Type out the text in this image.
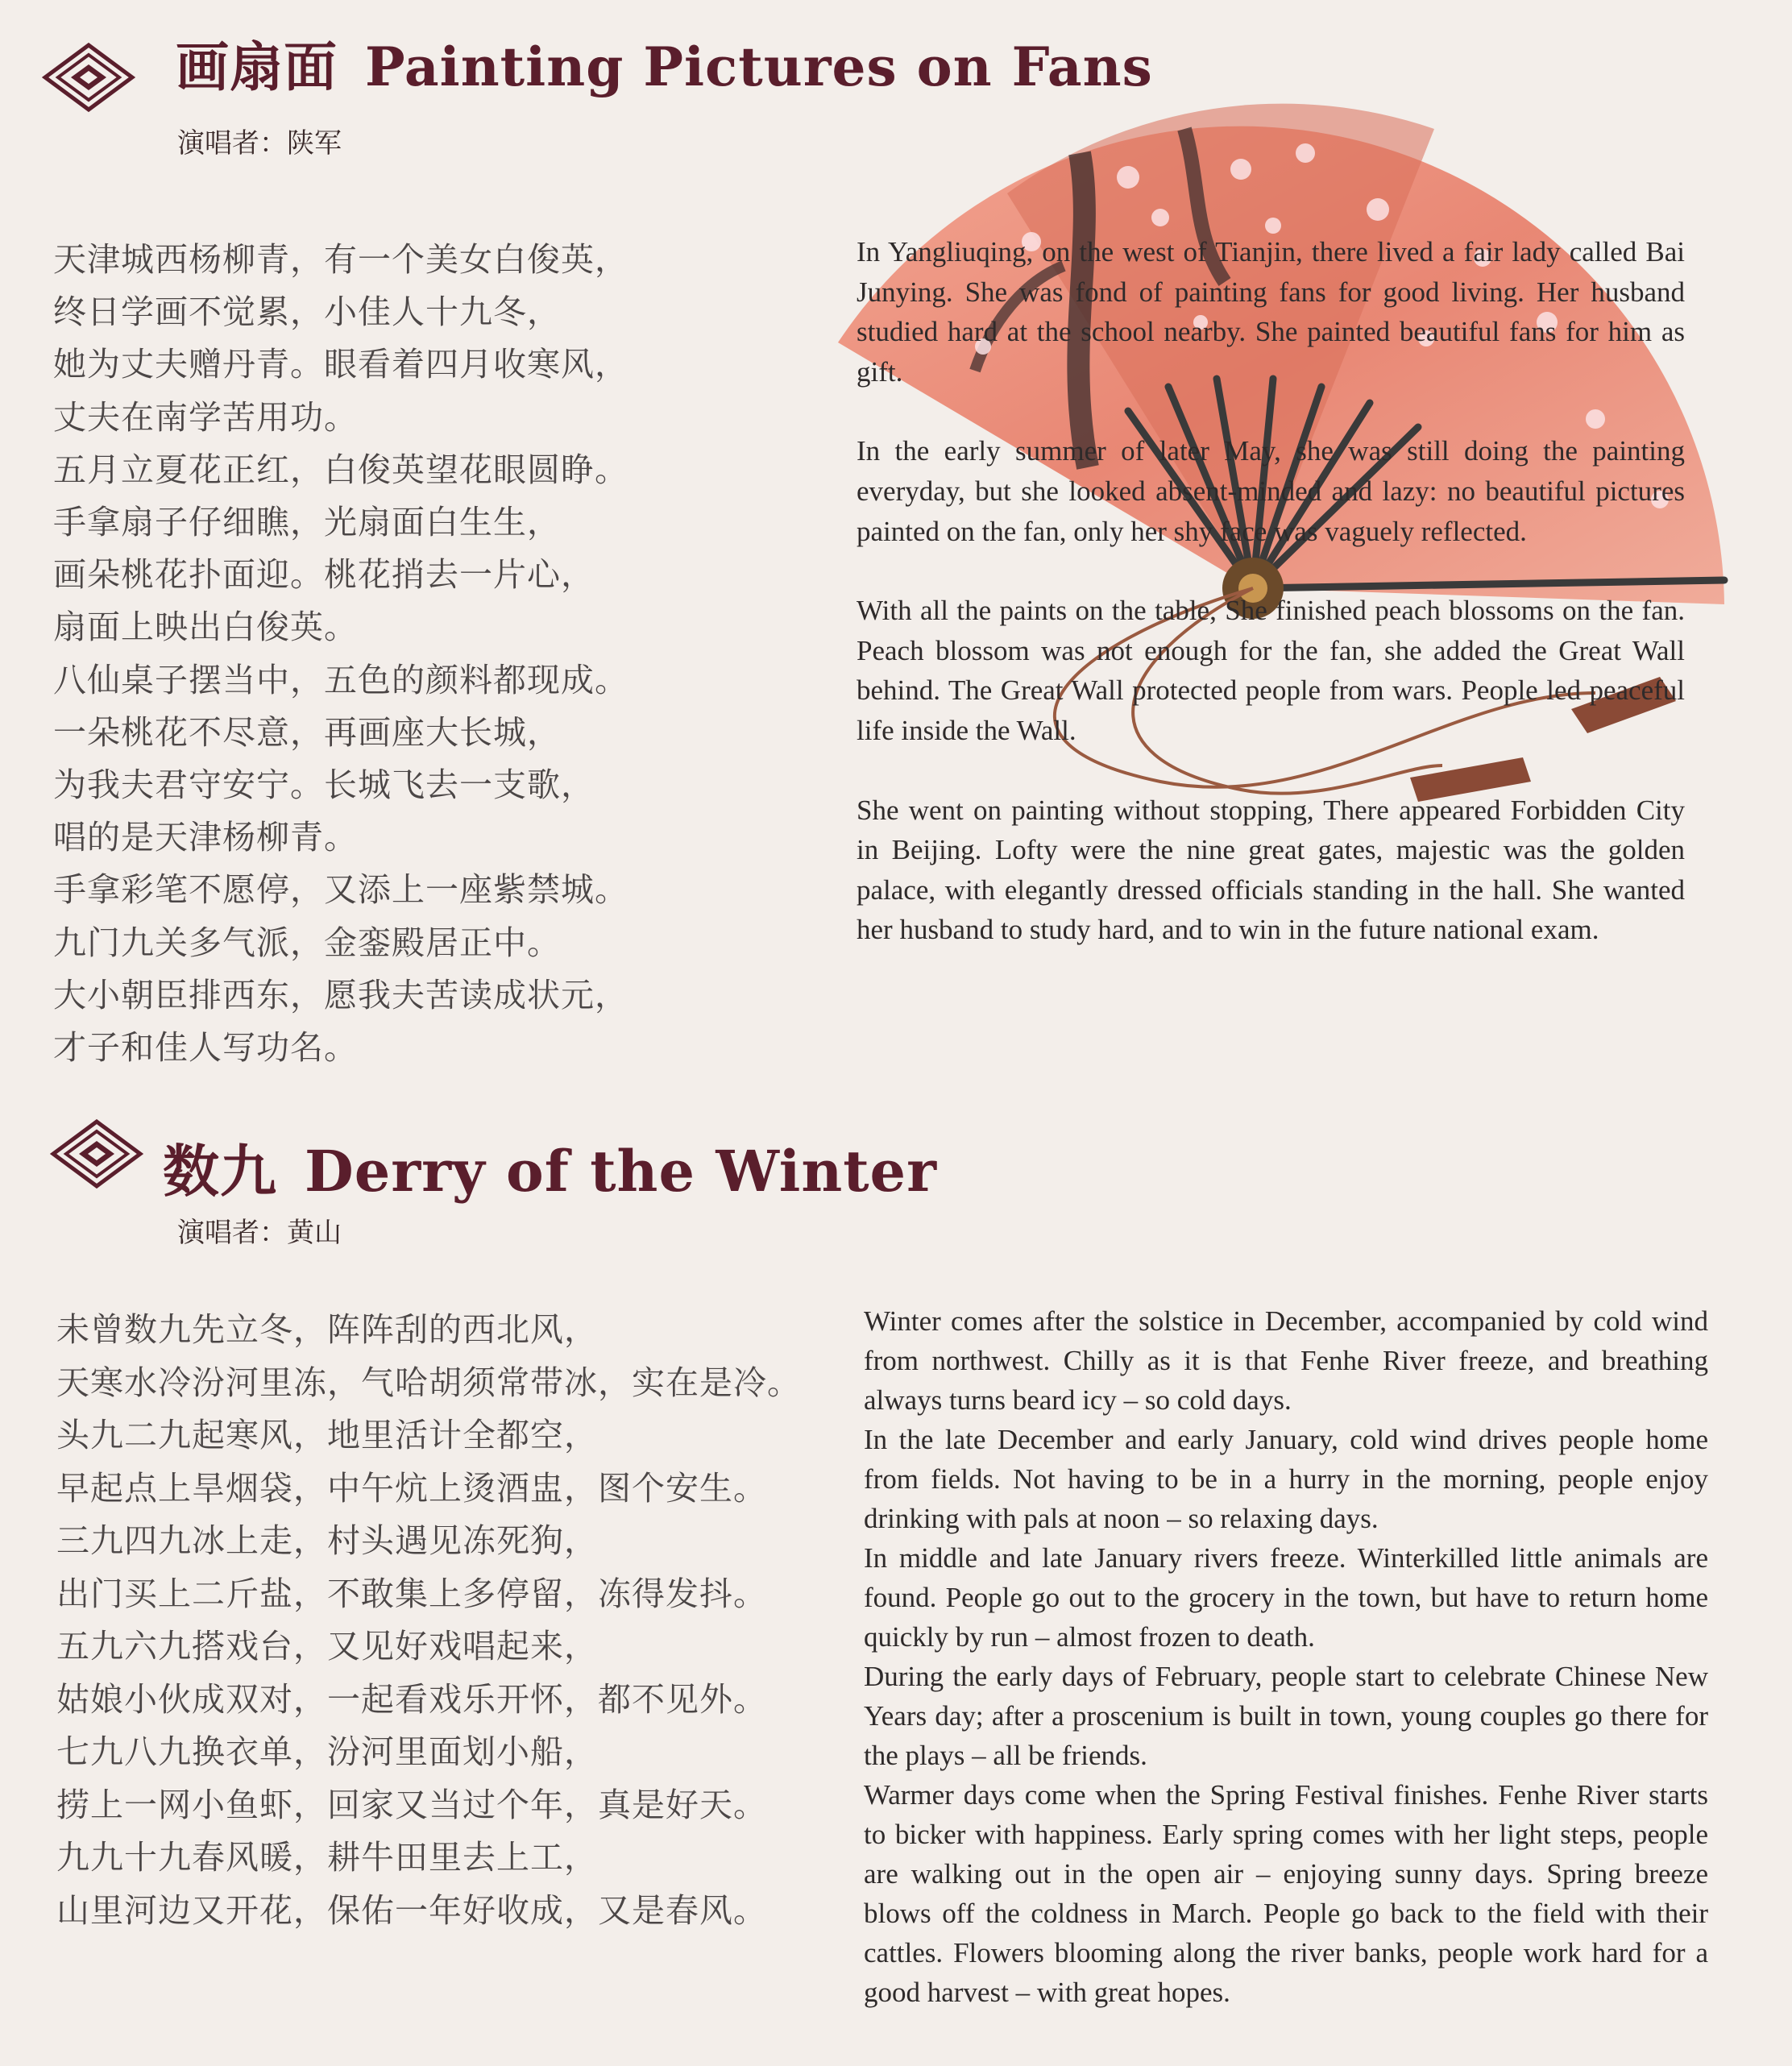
画扇面 Painting Pictures on Fans

演唱者：陕军

天津城西杨柳青，有一个美女白俊英，
终日学画不觉累，小佳人十九冬，
她为丈夫赠丹青。眼看着四月收寒风，
丈夫在南学苦用功。
五月立夏花正红，白俊英望花眼圆睁。
手拿扇子仔细瞧，光扇面白生生，
画朵桃花扑面迎。桃花捎去一片心，
扇面上映出白俊英。
八仙桌子摆当中，五色的颜料都现成。
一朵桃花不尽意，再画座大长城，
为我夫君守安宁。长城飞去一支歌，
唱的是天津杨柳青。
手拿彩笔不愿停，又添上一座紫禁城。
九门九关多气派，金銮殿居正中。
大小朝臣排西东，愿我夫苦读成状元，
才子和佳人写功名。

In Yangliuqing, on the west of Tianjin, there lived a fair lady called Bai Junying. She was fond of painting fans for good living. Her husband studied hard at the school nearby. She painted beautiful fans for him as gift.

In the early summer of later May, she was still doing the painting everyday, but she looked absent-minded and lazy: no beautiful pictures painted on the fan, only her shy face was vaguely reflected.

With all the paints on the table, She finished peach blossoms on the fan. Peach blossom was not enough for the fan, she added the Great Wall behind. The Great Wall protected people from wars. People led peaceful life inside the Wall.

She went on painting without stopping, There appeared Forbidden City in Beijing. Lofty were the nine great gates, majestic was the golden palace, with elegantly dressed officials standing in the hall. She wanted her husband to study hard, and to win in the future national exam.

数九 Derry of the Winter

演唱者：黄山

未曾数九先立冬，阵阵刮的西北风，
天寒水冷汾河里冻，气哈胡须常带冰，实在是冷。
头九二九起寒风，地里活计全都空，
早起点上旱烟袋，中午炕上烫酒盅，图个安生。
三九四九冰上走，村头遇见冻死狗，
出门买上二斤盐，不敢集上多停留，冻得发抖。
五九六九搭戏台，又见好戏唱起来，
姑娘小伙成双对，一起看戏乐开怀，都不见外。
七九八九换衣单，汾河里面划小船，
捞上一网小鱼虾，回家又当过个年，真是好天。
九九十九春风暖，耕牛田里去上工，
山里河边又开花，保佑一年好收成，又是春风。

Winter comes after the solstice in December, accompanied by cold wind from northwest. Chilly as it is that Fenhe River freeze, and breathing always turns beard icy – so cold days.

In the late December and early January, cold wind drives people home from fields. Not having to be in a hurry in the morning, people enjoy drinking with pals at noon – so relaxing days.

In middle and late January rivers freeze. Winterkilled little animals are found. People go out to the grocery in the town, but have to return home quickly by run – almost frozen to death.

During the early days of February, people start to celebrate Chinese New Years day; after a proscenium is built in town, young couples go there for the plays – all be friends.

Warmer days come when the Spring Festival finishes. Fenhe River starts to bicker with happiness. Early spring comes with her light steps, people are walking out in the open air – enjoying sunny days. Spring breeze blows off the coldness in March. People go back to the field with their cattles. Flowers blooming along the river banks, people work hard for a good harvest – with great hopes.
